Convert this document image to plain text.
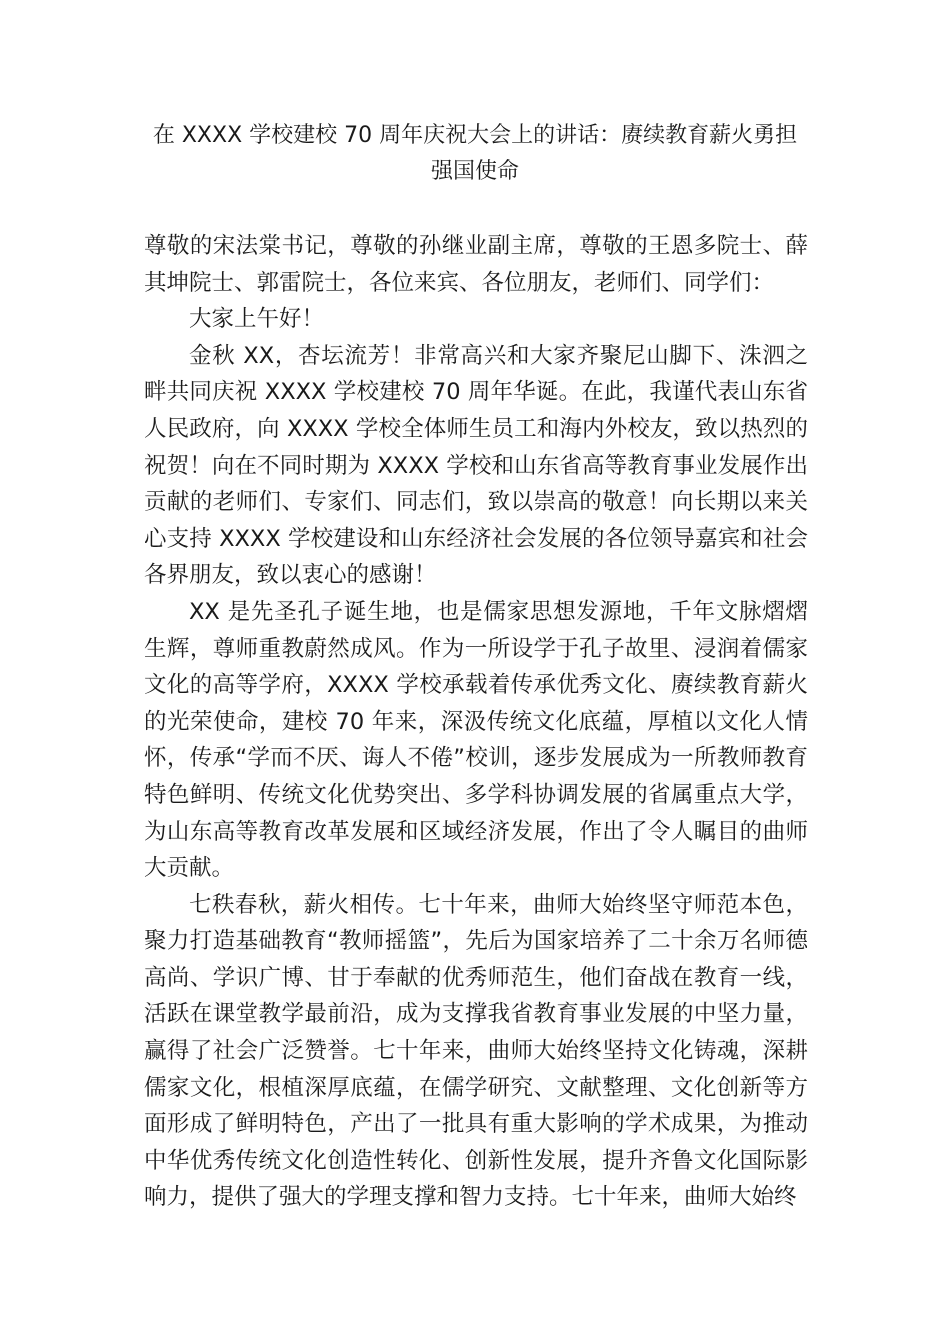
在 XXXX 学校建校 70 周年庆祝大会上的讲话：赓续教育薪火勇担
强国使命

尊敬的宋法棠书记，尊敬的孙继业副主席，尊敬的王恩多院士、薛其坤院士、郭雷院士，各位来宾、各位朋友，老师们、同学们：

大家上午好！

金秋 XX，杏坛流芳！非常高兴和大家齐聚尼山脚下、洙泗之畔共同庆祝 XXXX 学校建校 70 周年华诞。在此，我谨代表山东省人民政府，向 XXXX 学校全体师生员工和海内外校友，致以热烈的祝贺！向在不同时期为 XXXX 学校和山东省高等教育事业发展作出贡献的老师们、专家们、同志们，致以崇高的敬意！向长期以来关心支持 XXXX 学校建设和山东经济社会发展的各位领导嘉宾和社会各界朋友，致以衷心的感谢！

XX 是先圣孔子诞生地，也是儒家思想发源地，千年文脉熠熠生辉，尊师重教蔚然成风。作为一所设学于孔子故里、浸润着儒家文化的高等学府，XXXX 学校承载着传承优秀文化、赓续教育薪火的光荣使命，建校 70 年来，深汲传统文化底蕴，厚植以文化人情怀，传承“学而不厌、诲人不倦”校训，逐步发展成为一所教师教育特色鲜明、传统文化优势突出、多学科协调发展的省属重点大学，为山东高等教育改革发展和区域经济发展，作出了令人瞩目的曲师大贡献。

七秩春秋，薪火相传。七十年来，曲师大始终坚守师范本色，聚力打造基础教育“教师摇篮”，先后为国家培养了二十余万名师德高尚、学识广博、甘于奉献的优秀师范生，他们奋战在教育一线，活跃在课堂教学最前沿，成为支撑我省教育事业发展的中坚力量，赢得了社会广泛赞誉。七十年来，曲师大始终坚持文化铸魂，深耕儒家文化，根植深厚底蕴，在儒学研究、文献整理、文化创新等方面形成了鲜明特色，产出了一批具有重大影响的学术成果，为推动中华优秀传统文化创造性转化、创新性发展，提升齐鲁文化国际影响力，提供了强大的学理支撑和智力支持。七十年来，曲师大始终
